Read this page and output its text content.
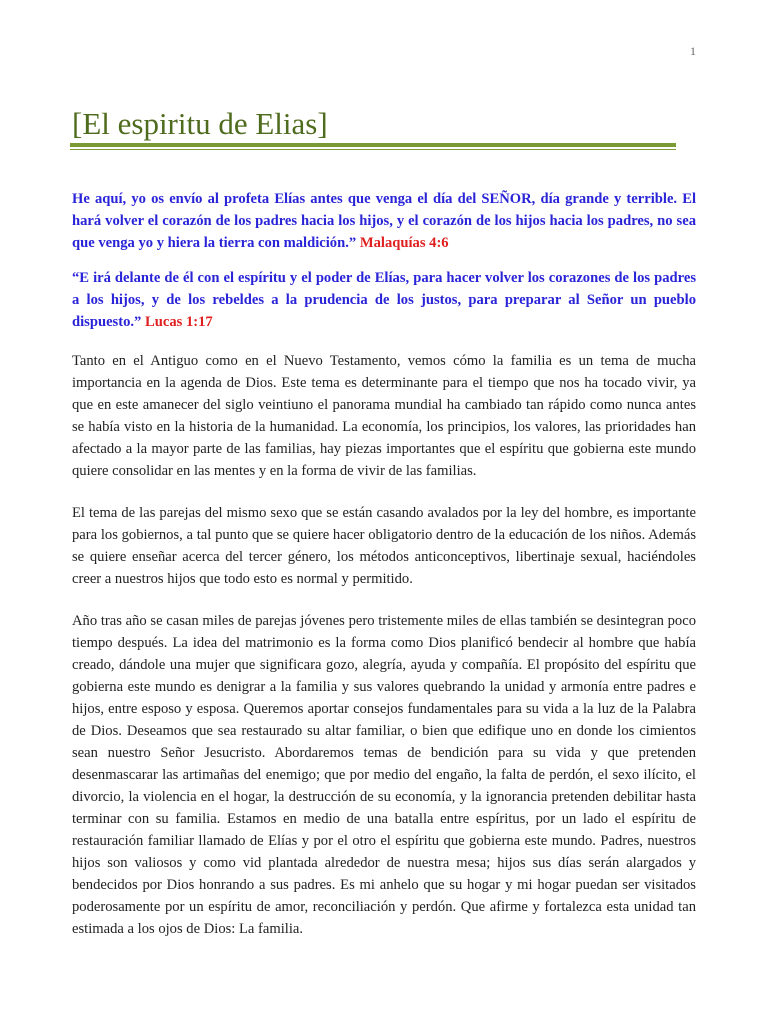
1
[El espiritu de Elias]

He aquí, yo os envío al profeta Elías antes que venga el día del SEÑOR, día grande y terrible. El hará volver el corazón de los padres hacia los hijos, y el corazón de los hijos hacia los padres, no sea que venga yo y hiera la tierra con maldición.” Malaquías 4:6

“E irá delante de él con el espíritu y el poder de Elías, para hacer volver los corazones de los padres a los hijos, y de los rebeldes a la prudencia de los justos, para preparar al Señor un pueblo dispuesto.” Lucas 1:17

Tanto en el Antiguo como en el Nuevo Testamento, vemos cómo la familia es un tema de mucha importancia en la agenda de Dios. Este tema es determinante para el tiempo que nos ha tocado vivir, ya que en este amanecer del siglo veintiuno el panorama mundial ha cambiado tan rápido como nunca antes se había visto en la historia de la humanidad. La economía, los principios, los valores, las prioridades han afectado a la mayor parte de las familias, hay piezas importantes que el espíritu que gobierna este mundo quiere consolidar en las mentes y en la forma de vivir de las familias.

El tema de las parejas del mismo sexo que se están casando avalados por la ley del hombre, es importante para los gobiernos, a tal punto que se quiere hacer obligatorio dentro de la educación de los niños. Además se quiere enseñar acerca del tercer género, los métodos anticonceptivos, libertinaje sexual, haciéndoles creer a nuestros hijos que todo esto es normal y permitido.

Año tras año se casan miles de parejas jóvenes pero tristemente miles de ellas también se desintegran poco tiempo después. La idea del matrimonio es la forma como Dios planificó bendecir al hombre que había creado, dándole una mujer que significara gozo, alegría, ayuda y compañía. El propósito del espíritu que gobierna este mundo es denigrar a la familia y sus valores quebrando la unidad y armonía entre padres e hijos, entre esposo y esposa. Queremos aportar consejos fundamentales para su vida a la luz de la Palabra de Dios. Deseamos que sea restaurado su altar familiar, o bien que edifique uno en donde los cimientos sean nuestro Señor Jesucristo. Abordaremos temas de bendición para su vida y que pretenden desenmascarar las artimañas del enemigo; que por medio del engaño, la falta de perdón, el sexo ilícito, el divorcio, la violencia en el hogar, la destrucción de su economía, y la ignorancia pretenden debilitar hasta terminar con su familia. Estamos en medio de una batalla entre espíritus, por un lado el espíritu de restauración familiar llamado de Elías y por el otro el espíritu que gobierna este mundo. Padres, nuestros hijos son valiosos y como vid plantada alrededor de nuestra mesa; hijos sus días serán alargados y bendecidos por Dios honrando a sus padres. Es mi anhelo que su hogar y mi hogar puedan ser visitados poderosamente por un espíritu de amor, reconciliación y perdón. Que afirme y fortalezca esta unidad tan estimada a los ojos de Dios: La familia.
